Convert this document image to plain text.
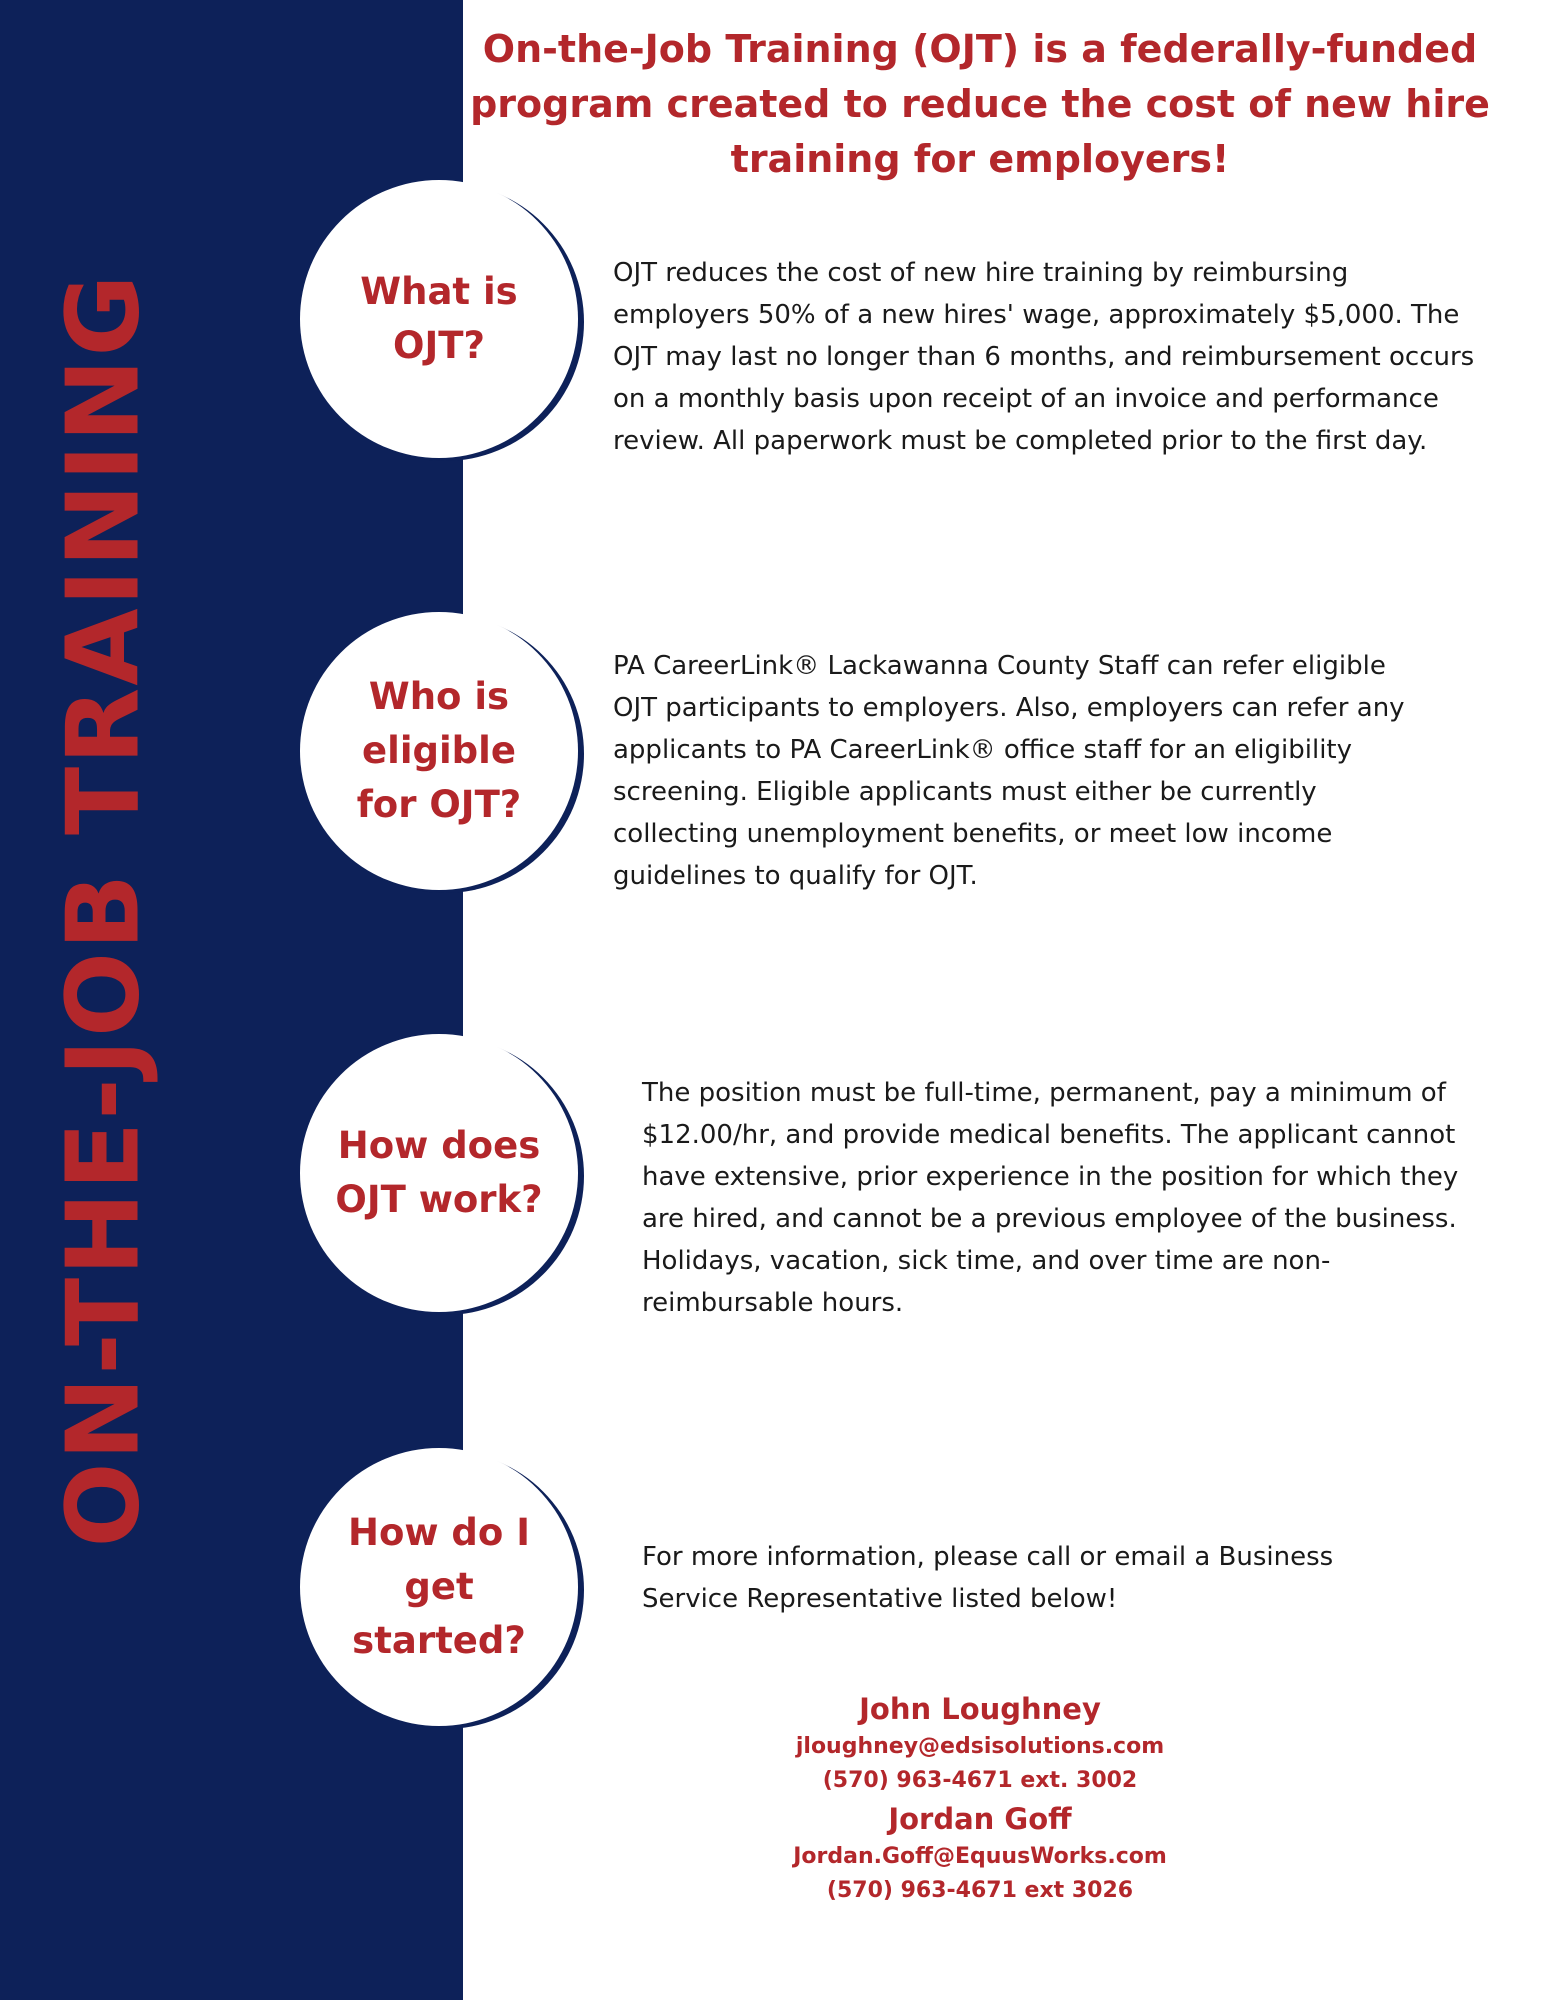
ON-THE-JOB TRAINING
On-the-Job Training (OJT) is a federally-funded program created to reduce the cost of new hire training for employers!
What is OJT?
OJT reduces the cost of new hire training by reimbursing employers 50% of a new hires' wage, approximately $5,000. The OJT may last no longer than 6 months, and reimbursement occurs on a monthly basis upon receipt of an invoice and performance review. All paperwork must be completed prior to the first day.
Who is eligible for OJT?
PA CareerLink® Lackawanna County Staff can refer eligible OJT participants to employers. Also, employers can refer any applicants to PA CareerLink® office staff for an eligibility screening. Eligible applicants must either be currently collecting unemployment benefits, or meet low income guidelines to qualify for OJT.
How does OJT work?
The position must be full-time, permanent, pay a minimum of $12.00/hr, and provide medical benefits. The applicant cannot have extensive, prior experience in the position for which they are hired, and cannot be a previous employee of the business. Holidays, vacation, sick time, and over time are non-reimbursable hours.
How do I get started?
For more information, please call or email a Business Service Representative listed below!
John Loughney
jloughney@edsisolutions.com
(570) 963-4671 ext. 3002
Jordan Goff
Jordan.Goff@EquusWorks.com
(570) 963-4671 ext 3026
